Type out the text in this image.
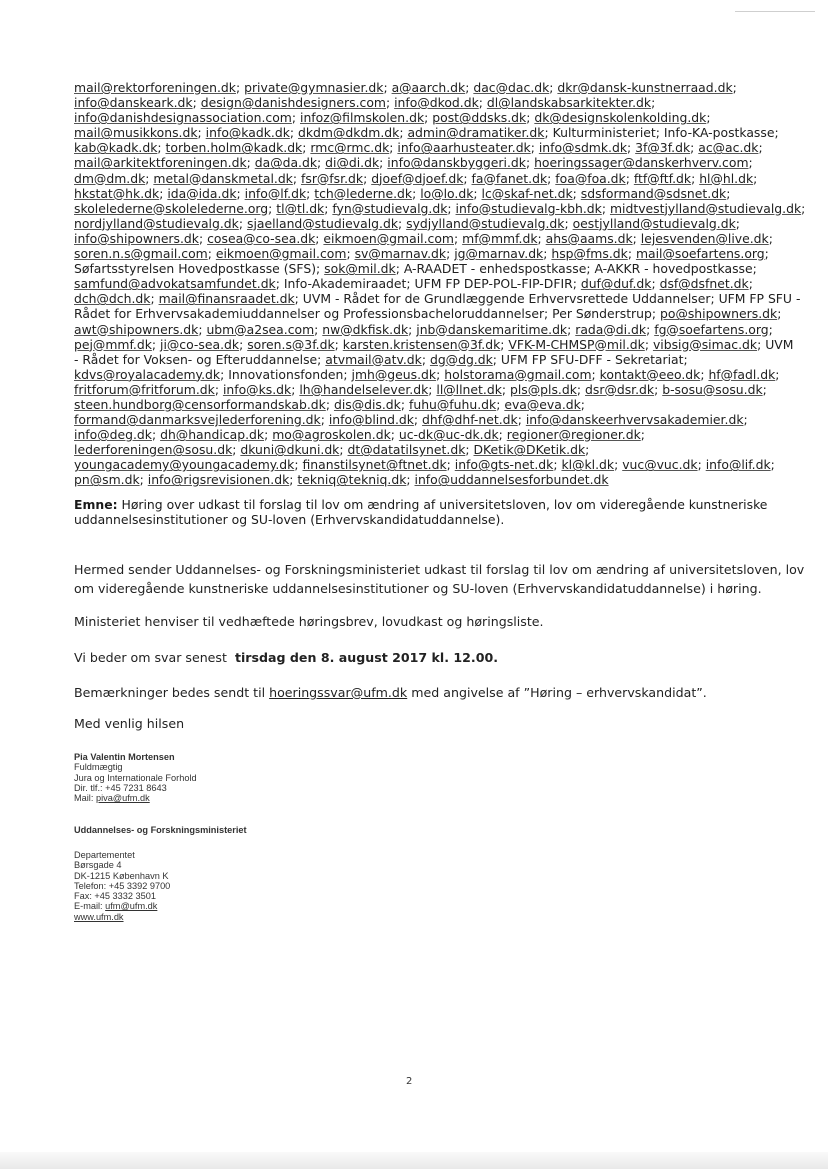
mail@rektorforeningen.dk; private@gymnasier.dk; a@aarch.dk; dac@dac.dk; dkr@dansk-kunstnerraad.dk;
info@danskeark.dk; design@danishdesigners.com; info@dkod.dk; dl@landskabsarkitekter.dk;
info@danishdesignassociation.com; infoz@filmskolen.dk; post@ddsks.dk; dk@designskolenkolding.dk;
mail@musikkons.dk; info@kadk.dk; dkdm@dkdm.dk; admin@dramatiker.dk; Kulturministeriet; Info-KA-postkasse;
kab@kadk.dk; torben.holm@kadk.dk; rmc@rmc.dk; info@aarhusteater.dk; info@sdmk.dk; 3f@3f.dk; ac@ac.dk;
mail@arkitektforeningen.dk; da@da.dk; di@di.dk; info@danskbyggeri.dk; hoeringssager@danskerhverv.com;
dm@dm.dk; metal@danskmetal.dk; fsr@fsr.dk; djoef@djoef.dk; fa@fanet.dk; foa@foa.dk; ftf@ftf.dk; hl@hl.dk;
hkstat@hk.dk; ida@ida.dk; info@lf.dk; tch@lederne.dk; lo@lo.dk; lc@skaf-net.dk; sdsformand@sdsnet.dk;
skolelederne@skolelederne.org; tl@tl.dk; fyn@studievalg.dk; info@studievalg-kbh.dk; midtvestjylland@studievalg.dk;
nordjylland@studievalg.dk; sjaelland@studievalg.dk; sydjylland@studievalg.dk; oestjylland@studievalg.dk;
info@shipowners.dk; cosea@co-sea.dk; eikmoen@gmail.com; mf@mmf.dk; ahs@aams.dk; lejesvenden@live.dk;
soren.n.s@gmail.com; eikmoen@gmail.com; sv@marnav.dk; jg@marnav.dk; hsp@fms.dk; mail@soefartens.org;
Søfartsstyrelsen Hovedpostkasse (SFS); sok@mil.dk; A-RAADET - enhedspostkasse; A-AKKR - hovedpostkasse;
samfund@advokatsamfundet.dk; Info-Akademiraadet; UFM FP DEP-POL-FIP-DFIR; duf@duf.dk; dsf@dsfnet.dk;
dch@dch.dk; mail@finansraadet.dk; UVM - Rådet for de Grundlæggende Erhvervsrettede Uddannelser; UFM FP SFU -
Rådet for Erhvervsakademiuddannelser og Professionsbacheloruddannelser; Per Sønderstrup; po@shipowners.dk;
awt@shipowners.dk; ubm@a2sea.com; nw@dkfisk.dk; jnb@danskemaritime.dk; rada@di.dk; fg@soefartens.org;
pej@mmf.dk; ji@co-sea.dk; soren.s@3f.dk; karsten.kristensen@3f.dk; VFK-M-CHMSP@mil.dk; vibsig@simac.dk; UVM
- Rådet for Voksen- og Efteruddannelse; atvmail@atv.dk; dg@dg.dk; UFM FP SFU-DFF - Sekretariat;
kdvs@royalacademy.dk; Innovationsfonden; jmh@geus.dk; holstorama@gmail.com; kontakt@eeo.dk; hf@fadl.dk;
fritforum@fritforum.dk; info@ks.dk; lh@handelselever.dk; ll@llnet.dk; pls@pls.dk; dsr@dsr.dk; b-sosu@sosu.dk;
steen.hundborg@censorformandskab.dk; dis@dis.dk; fuhu@fuhu.dk; eva@eva.dk;
formand@danmarksvejlederforening.dk; info@blind.dk; dhf@dhf-net.dk; info@danskeerhvervsakademier.dk;
info@deg.dk; dh@handicap.dk; mo@agroskolen.dk; uc-dk@uc-dk.dk; regioner@regioner.dk;
lederforeningen@sosu.dk; dkuni@dkuni.dk; dt@datatilsynet.dk; DKetik@DKetik.dk;
youngacademy@youngacademy.dk; finanstilsynet@ftnet.dk; info@gts-net.dk; kl@kl.dk; vuc@vuc.dk; info@lif.dk;
pn@sm.dk; info@rigsrevisionen.dk; tekniq@tekniq.dk; info@uddannelsesforbundet.dk
Emne: Høring over udkast til forslag til lov om ændring af universitetsloven, lov om videregående kunstneriske
uddannelsesinstitutioner og SU-loven (Erhvervskandidatuddannelse).
Hermed sender Uddannelses- og Forskningsministeriet udkast til forslag til lov om ændring af universitetsloven, lov
om videregående kunstneriske uddannelsesinstitutioner og SU-loven (Erhvervskandidatuddannelse) i høring.
Ministeriet henviser til vedhæftede høringsbrev, lovudkast og høringsliste.
Vi beder om svar senest  tirsdag den 8. august 2017 kl. 12.00.
Bemærkninger bedes sendt til hoeringssvar@ufm.dk med angivelse af ”Høring – erhvervskandidat”.
Med venlig hilsen
Pia Valentin Mortensen
Fuldmægtig
Jura og Internationale Forhold
Dir. tlf.: +45 7231 8643
Mail: piva@ufm.dk
Uddannelses- og Forskningsministeriet
Departementet
Børsgade 4
DK-1215 København K
Telefon: +45 3392 9700
Fax: +45 3332 3501
E-mail: ufm@ufm.dk
www.ufm.dk
2
